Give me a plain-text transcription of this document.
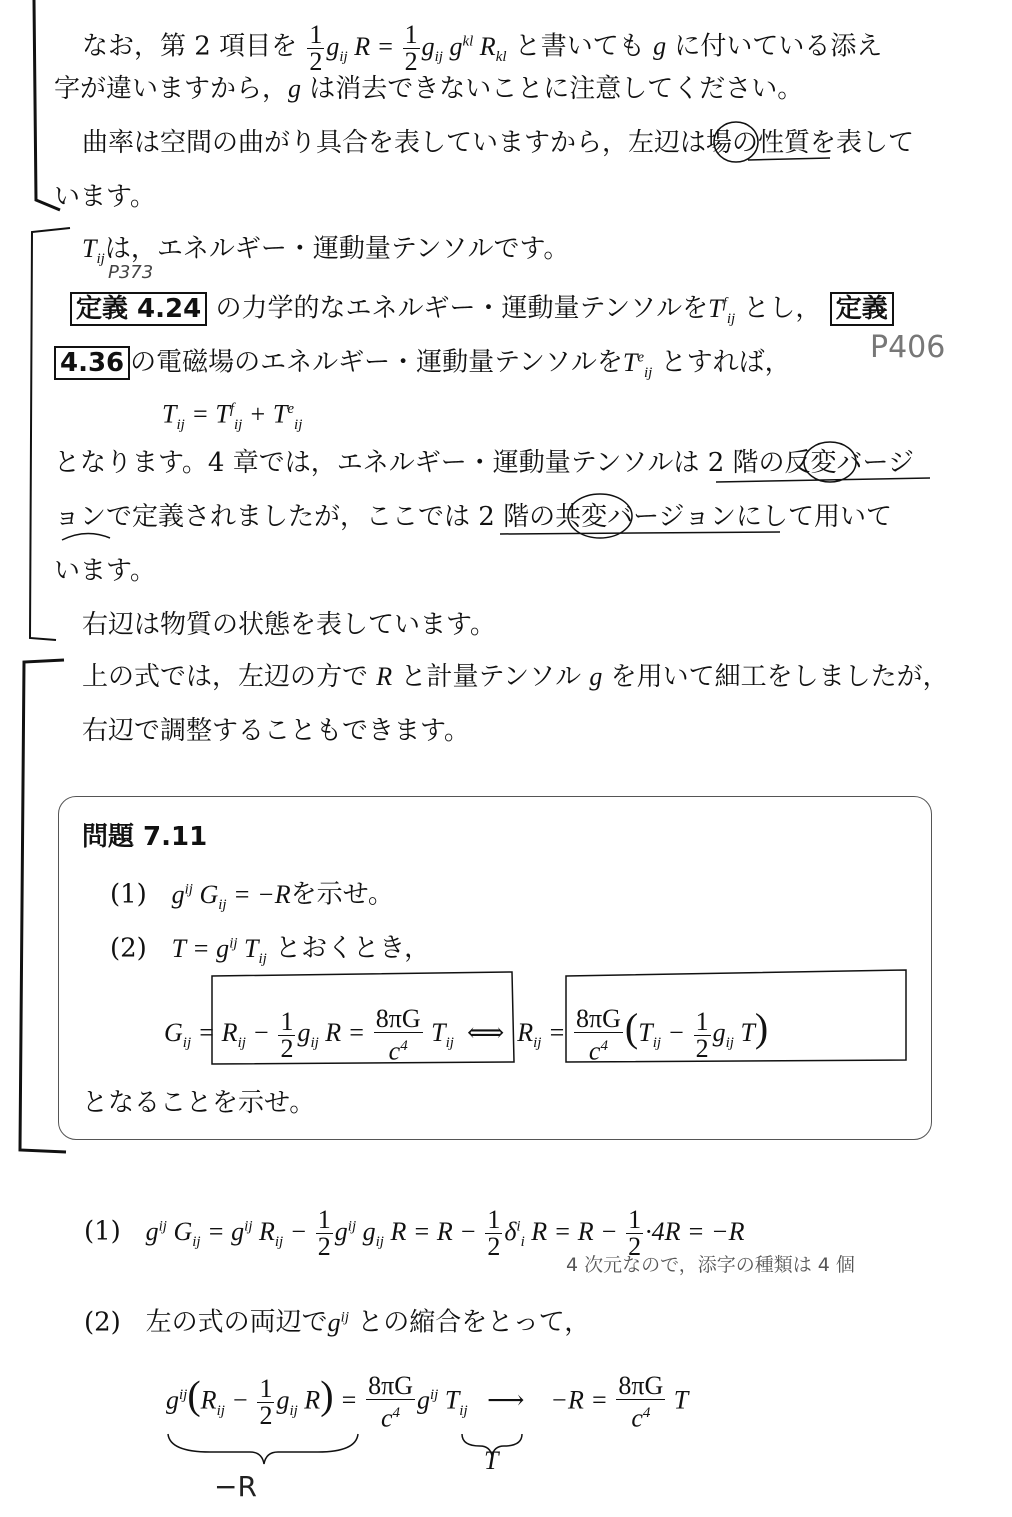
なお，第 2 項目を $\frac{1}{2} g_{ij}$ $R = \frac{1}{2} g_{ij}$ $g^{kl}$ $R_{kl}$ と書いても g に付いている添え
字が違いますから，g は消去できないことに注意してください。
曲率は空間の曲がり具合を表していますから，左辺は場の性質を表して
います。
$T_{ij}$は，エネルギー・運動量テンソルです。
P373
定義 4.24 の力学的なエネルギー・運動量テンソルを$T^f_{ij}$ とし， 定義
4.36 の電磁場のエネルギー・運動量テンソルを$T^e_{ij}$ とすれば，	P406
$T_{ij} = T^f_{ij} + T^e_{ij}$
となります。4 章では，エネルギー・運動量テンソルは 2 階の反変バージ
ョンで定義されましたが，ここでは 2 階の共変バージョンにして用いて
います。
右辺は物質の状態を表しています。
上の式では，左辺の方で R と計量テンソル g を用いて細工をしましたが，
右辺で調整することもできます。
問題 7.11
(1) $g^{ij}$ $G_{ij} = -R$を示せ。
(2) $T = g^{ij}$ $T_{ij}$ とおくとき，
$G_{ij} = R_{ij} - \frac{1}{2} g_{ij}$ $R = \frac{8\pi G}{c^4} T_{ij}$  ⟺  $R_{ij} = \frac{8\pi G}{c^4} (T_{ij} - \frac{1}{2} g_{ij}$ T)
となることを示せ。
(1) $g^{ij}$ $G_{ij} = g^{ij}$ $R_{ij} - \frac{1}{2} g^{ij}$ $g_{ij}$ $R = R - \frac{1}{2} \delta^i_i$ $R = R - \frac{1}{2} \cdot 4R = -R$
4 次元なので，添字の種類は 4 個
(2) 左の式の両辺で$g^{ij}$ との縮合をとって，
$g^{ij}(R_{ij} - \frac{1}{2} g_{ij}$ $R) = \frac{8\pi G}{c^4} g^{ij}$ $T_{ij}$   ⟶    $-R = \frac{8\pi G}{c^4}$ T
−R
T
